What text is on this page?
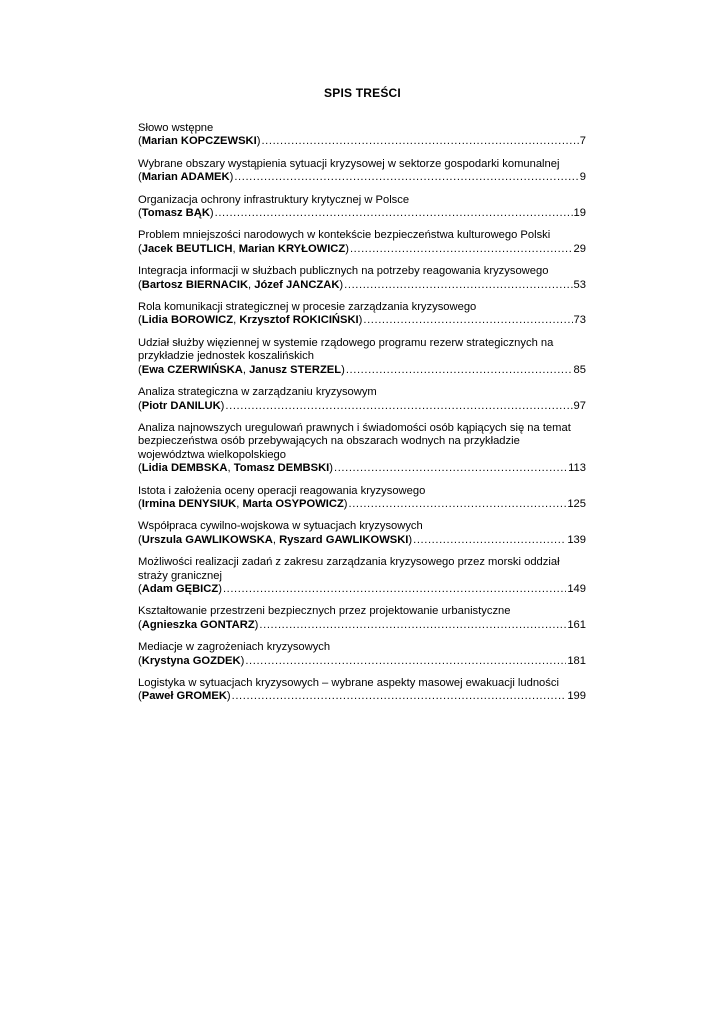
SPIS TREŚCI
Słowo wstępne
(Marian KOPCZEWSKI) .....	7
Wybrane obszary wystąpienia sytuacji kryzysowej w sektorze gospodarki komunalnej
(Marian ADAMEK) .....	9
Organizacja ochrony infrastruktury krytycznej w Polsce
(Tomasz BĄK) .....	19
Problem mniejszości narodowych w kontekście bezpieczeństwa kulturowego Polski
(Jacek BEUTLICH, Marian KRYŁOWICZ) .....	29
Integracja informacji w służbach publicznych na potrzeby reagowania kryzysowego
(Bartosz BIERNACIK, Józef JANCZAK) .....	53
Rola komunikacji strategicznej w procesie zarządzania kryzysowego
(Lidia BOROWICZ, Krzysztof ROKICIŃSKI) .....	73
Udział służby więziennej w systemie rządowego programu rezerw strategicznych na przykładzie jednostek koszalińskich
(Ewa CZERWIŃSKA, Janusz STERZEL) .....	85
Analiza strategiczna w zarządzaniu kryzysowym
(Piotr DANILUK) .....	97
Analiza najnowszych uregulowań prawnych i świadomości osób kąpiących się na temat bezpieczeństwa osób przebywających na obszarach wodnych na przykładzie województwa wielkopolskiego
(Lidia DEMBSKA, Tomasz DEMBSKI) .....	113
Istota i założenia oceny operacji reagowania kryzysowego
(Irmina DENYSIUK, Marta OSYPOWICZ) .....	125
Współpraca cywilno-wojskowa w sytuacjach kryzysowych
(Urszula GAWLIKOWSKA, Ryszard GAWLIKOWSKI) .....	139
Możliwości realizacji zadań z zakresu zarządzania kryzysowego przez morski oddział straży granicznej
(Adam GĘBICZ) .....	149
Kształtowanie przestrzeni bezpiecznych przez projektowanie urbanistyczne
(Agnieszka GONTARZ) .....	161
Mediacje w zagrożeniach kryzysowych
(Krystyna GOZDEK) .....	181
Logistyka w sytuacjach kryzysowych – wybrane aspekty masowej ewakuacji ludności
(Paweł GROMEK) .....	199
